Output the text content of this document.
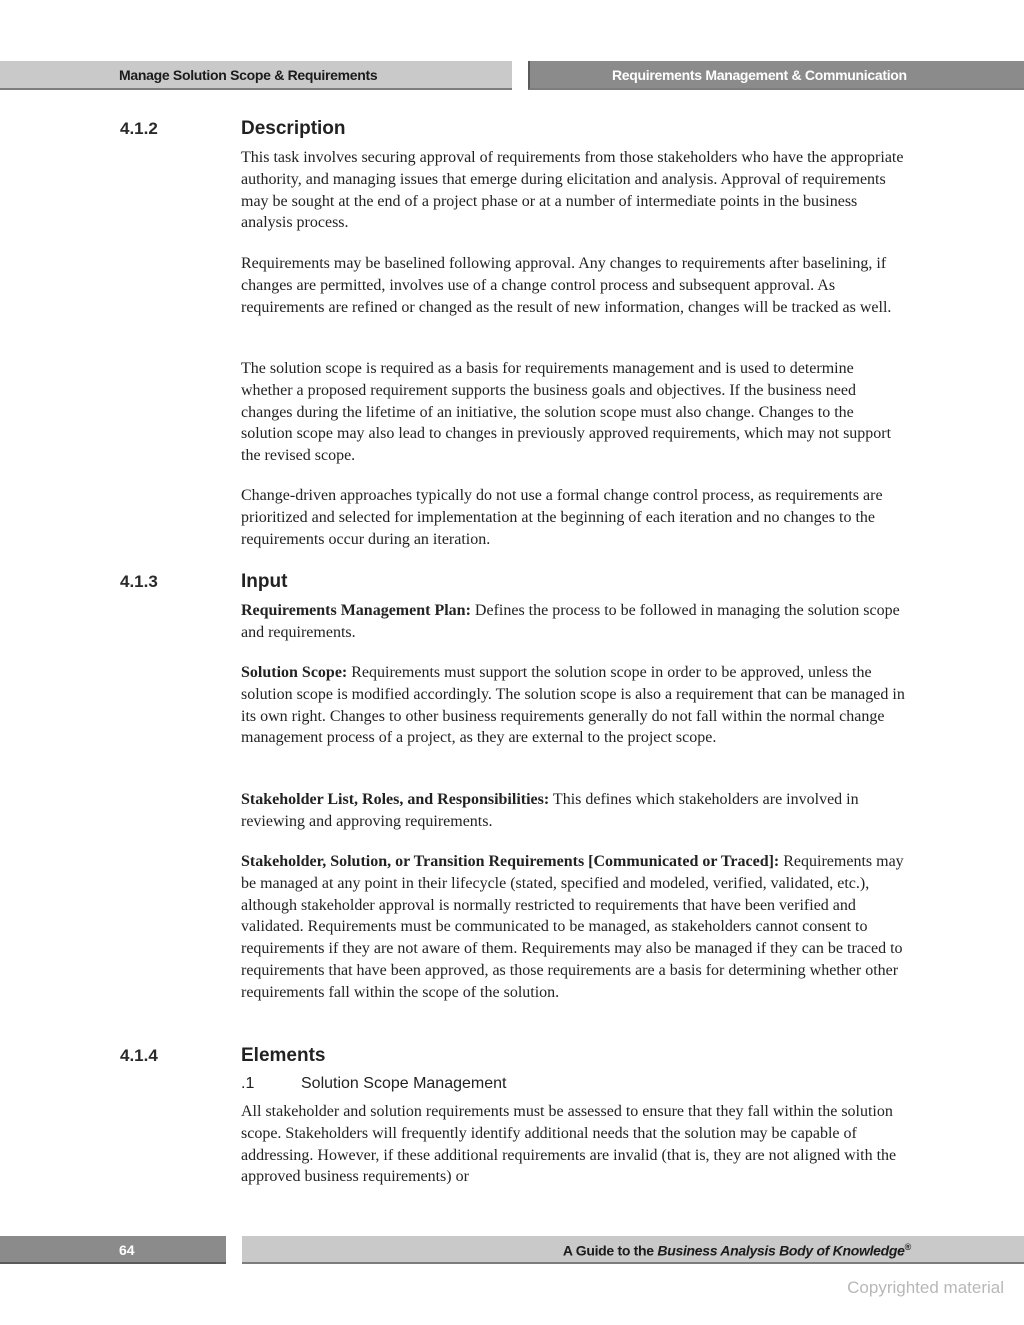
Manage Solution Scope & Requirements	Requirements Management & Communication
4.1.2	Description
This task involves securing approval of requirements from those stakeholders who have the appropriate authority, and managing issues that emerge during elicitation and analysis. Approval of requirements may be sought at the end of a project phase or at a number of intermediate points in the business analysis process.
Requirements may be baselined following approval. Any changes to requirements after baselining, if changes are permitted, involves use of a change control process and subsequent approval. As requirements are refined or changed as the result of new information, changes will be tracked as well.
The solution scope is required as a basis for requirements management and is used to determine whether a proposed requirement supports the business goals and objectives. If the business need changes during the lifetime of an initiative, the solution scope must also change. Changes to the solution scope may also lead to changes in previously approved requirements, which may not support the revised scope.
Change-driven approaches typically do not use a formal change control process, as requirements are prioritized and selected for implementation at the beginning of each iteration and no changes to the requirements occur during an iteration.
4.1.3	Input
Requirements Management Plan: Defines the process to be followed in managing the solution scope and requirements.
Solution Scope: Requirements must support the solution scope in order to be approved, unless the solution scope is modified accordingly. The solution scope is also a requirement that can be managed in its own right. Changes to other business requirements generally do not fall within the normal change management process of a project, as they are external to the project scope.
Stakeholder List, Roles, and Responsibilities: This defines which stakeholders are involved in reviewing and approving requirements.
Stakeholder, Solution, or Transition Requirements [Communicated or Traced]: Requirements may be managed at any point in their lifecycle (stated, specified and modeled, verified, validated, etc.), although stakeholder approval is normally restricted to requirements that have been verified and validated. Requirements must be communicated to be managed, as stakeholders cannot consent to requirements if they are not aware of them. Requirements may also be managed if they can be traced to requirements that have been approved, as those requirements are a basis for determining whether other requirements fall within the scope of the solution.
4.1.4	Elements
.1	Solution Scope Management
All stakeholder and solution requirements must be assessed to ensure that they fall within the solution scope. Stakeholders will frequently identify additional needs that the solution may be capable of addressing. However, if these additional requirements are invalid (that is, they are not aligned with the approved business requirements) or
64	A Guide to the Business Analysis Body of Knowledge®
Copyrighted material
